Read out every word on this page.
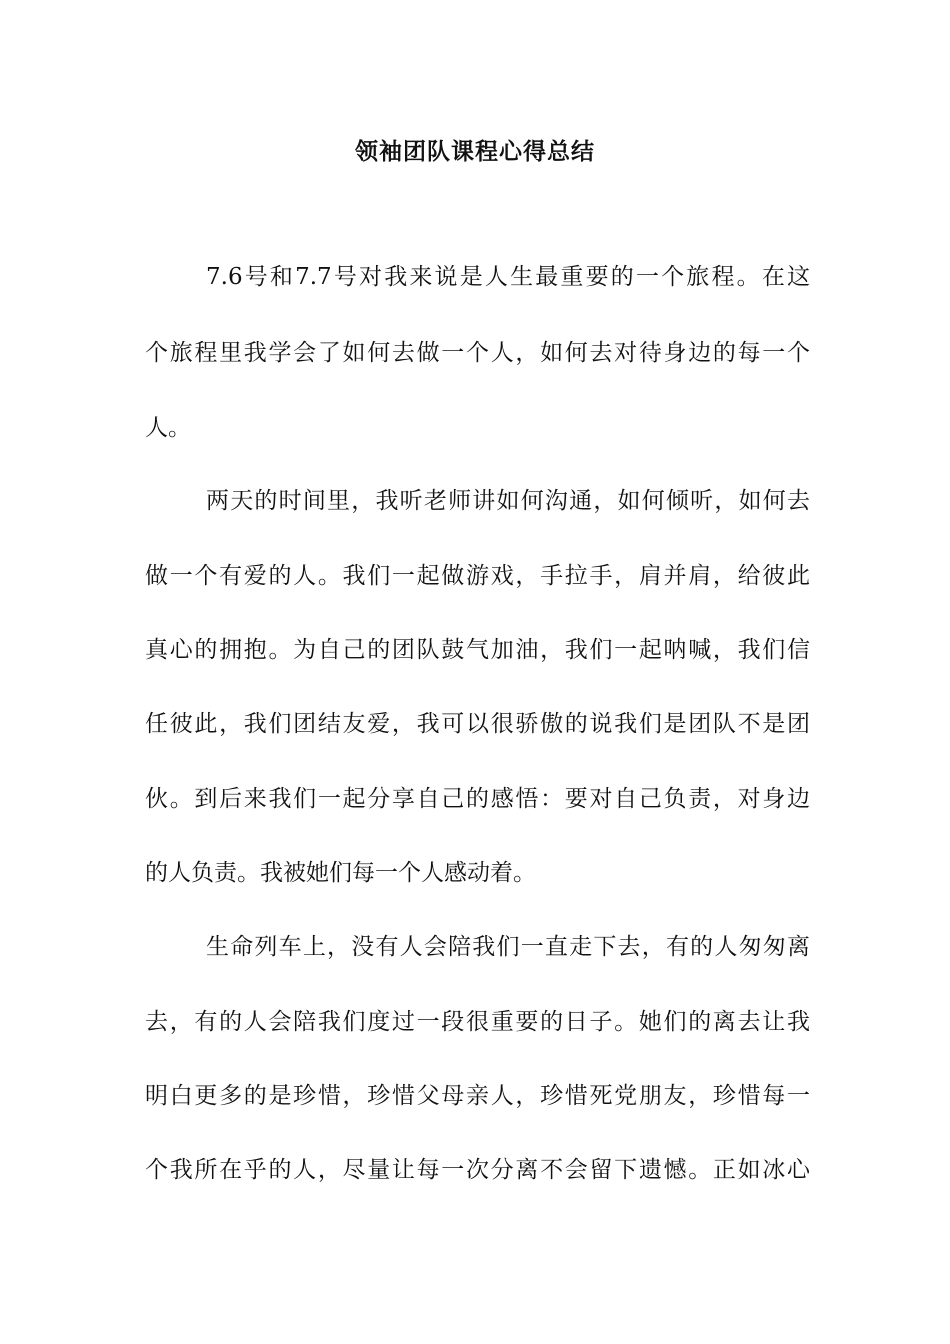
领袖团队课程心得总结

7.6号和7.7号对我来说是人生最重要的一个旅程。在这

个旅程里我学会了如何去做一个人，如何去对待身边的每一个

人。

两天的时间里，我听老师讲如何沟通，如何倾听，如何去

做一个有爱的人。我们一起做游戏，手拉手，肩并肩，给彼此

真心的拥抱。为自己的团队鼓气加油，我们一起呐喊，我们信

任彼此，我们团结友爱，我可以很骄傲的说我们是团队不是团

伙。到后来我们一起分享自己的感悟：要对自己负责，对身边

的人负责。我被她们每一个人感动着。

生命列车上，没有人会陪我们一直走下去，有的人匆匆离

去，有的人会陪我们度过一段很重要的日子。她们的离去让我

明白更多的是珍惜，珍惜父母亲人，珍惜死党朋友，珍惜每一

个我所在乎的人，尽量让每一次分离不会留下遗憾。正如冰心
